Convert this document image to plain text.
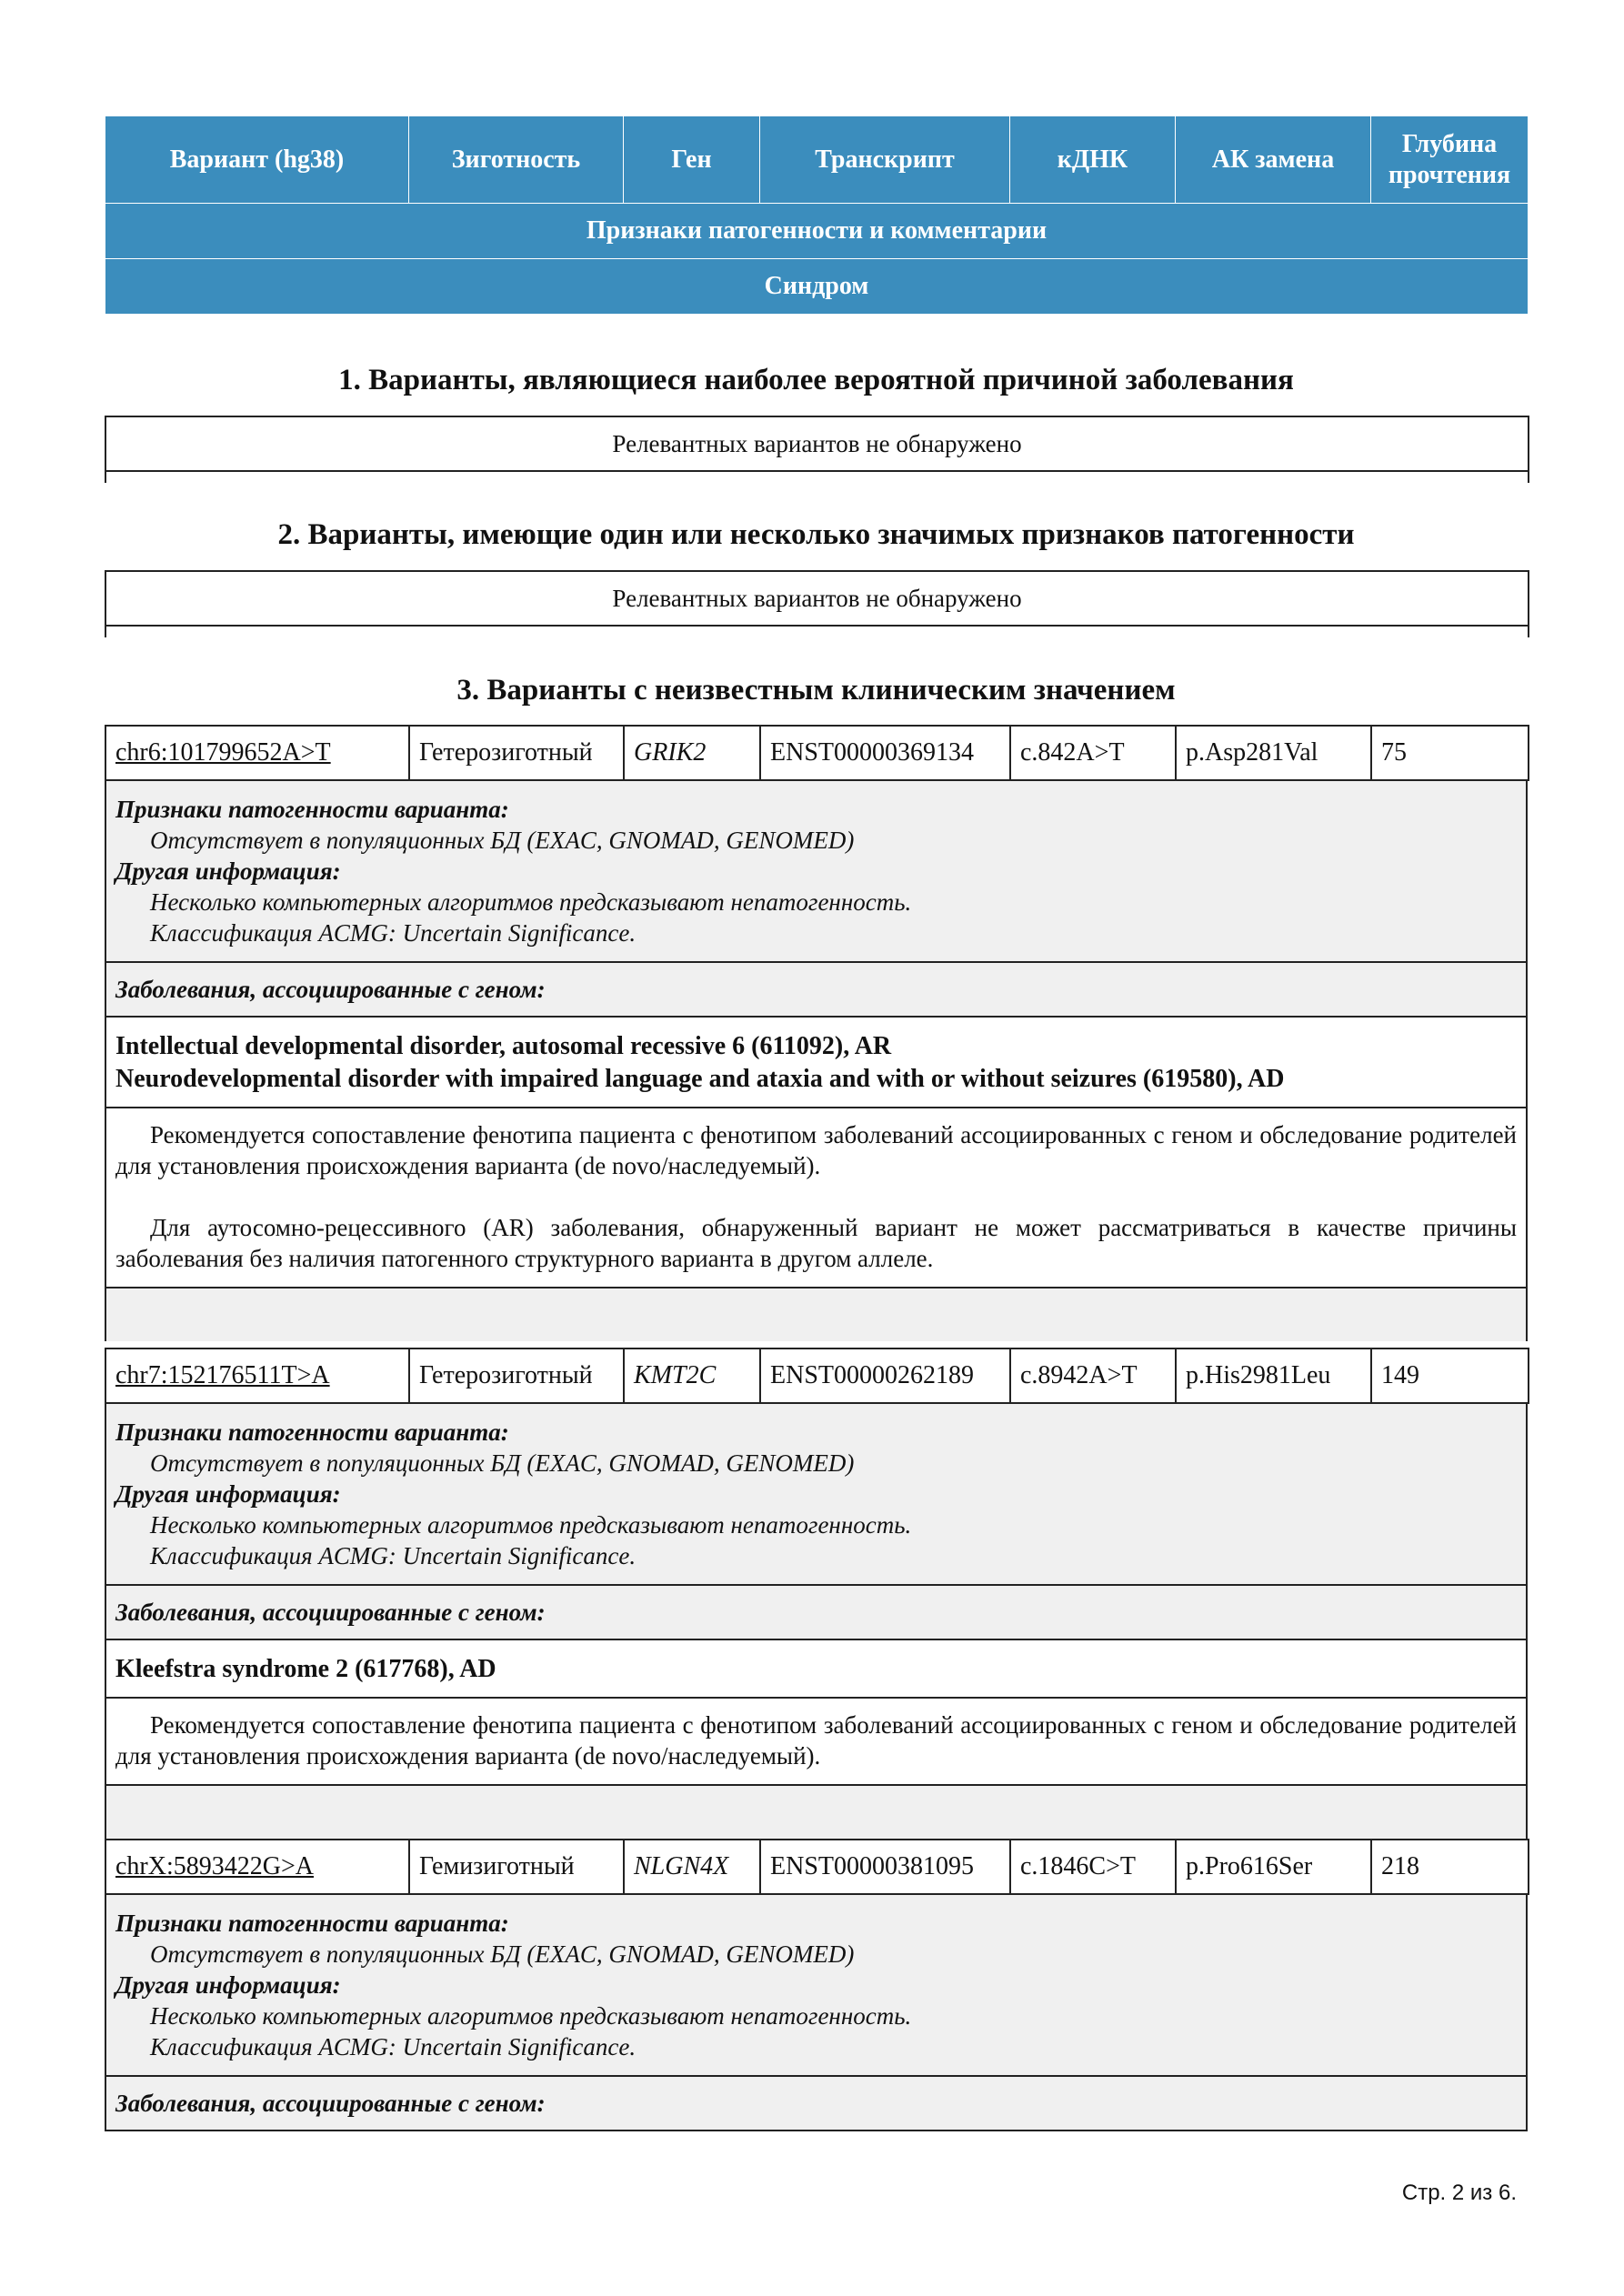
Вариант (hg38)	Зиготность	Ген	Транскрипт	кДНК	АК замена	Глубина прочтения
Признаки патогенности и комментарии
Синдром
1. Варианты, являющиеся наиболее вероятной причиной заболевания
Релевантных вариантов не обнаружено
2. Варианты, имеющие один или несколько значимых признаков патогенности
Релевантных вариантов не обнаружено
3. Варианты с неизвестным клиническим значением
chr6:101799652A>T	Гетерозиготный	GRIK2	ENST00000369134	c.842A>T	p.Asp281Val	75
Признаки патогенности варианта:
Отсутствует в популяционных БД (EXAC, GNOMAD, GENOMED)
Другая информация:
Несколько компьютерных алгоритмов предсказывают непатогенность.
Классификация ACMG: Uncertain Significance.
Заболевания, ассоциированные с геном:
Intellectual developmental disorder, autosomal recessive 6 (611092), AR
Neurodevelopmental disorder with impaired language and ataxia and with or without seizures (619580), AD

Рекомендуется сопоставление фенотипа пациента с фенотипом заболеваний ассоциированных с геном и обследование родителей для установления происхождения варианта (de novo/наследуемый).

Для аутосомно-рецессивного (AR) заболевания, обнаруженный вариант не может рассматриваться в качестве причины заболевания без наличия патогенного структурного варианта в другом аллеле.

chr7:152176511T>A	Гетерозиготный	KMT2C	ENST00000262189	c.8942A>T	p.His2981Leu	149
Признаки патогенности варианта:
Отсутствует в популяционных БД (EXAC, GNOMAD, GENOMED)
Другая информация:
Несколько компьютерных алгоритмов предсказывают непатогенность.
Классификация ACMG: Uncertain Significance.
Заболевания, ассоциированные с геном:
Kleefstra syndrome 2 (617768), AD

Рекомендуется сопоставление фенотипа пациента с фенотипом заболеваний ассоциированных с геном и обследование родителей для установления происхождения варианта (de novo/наследуемый).

chrX:5893422G>A	Гемизиготный	NLGN4X	ENST00000381095	c.1846C>T	p.Pro616Ser	218
Признаки патогенности варианта:
Отсутствует в популяционных БД (EXAC, GNOMAD, GENOMED)
Другая информация:
Несколько компьютерных алгоритмов предсказывают непатогенность.
Классификация ACMG: Uncertain Significance.
Заболевания, ассоциированные с геном:
Стр. 2 из 6.
